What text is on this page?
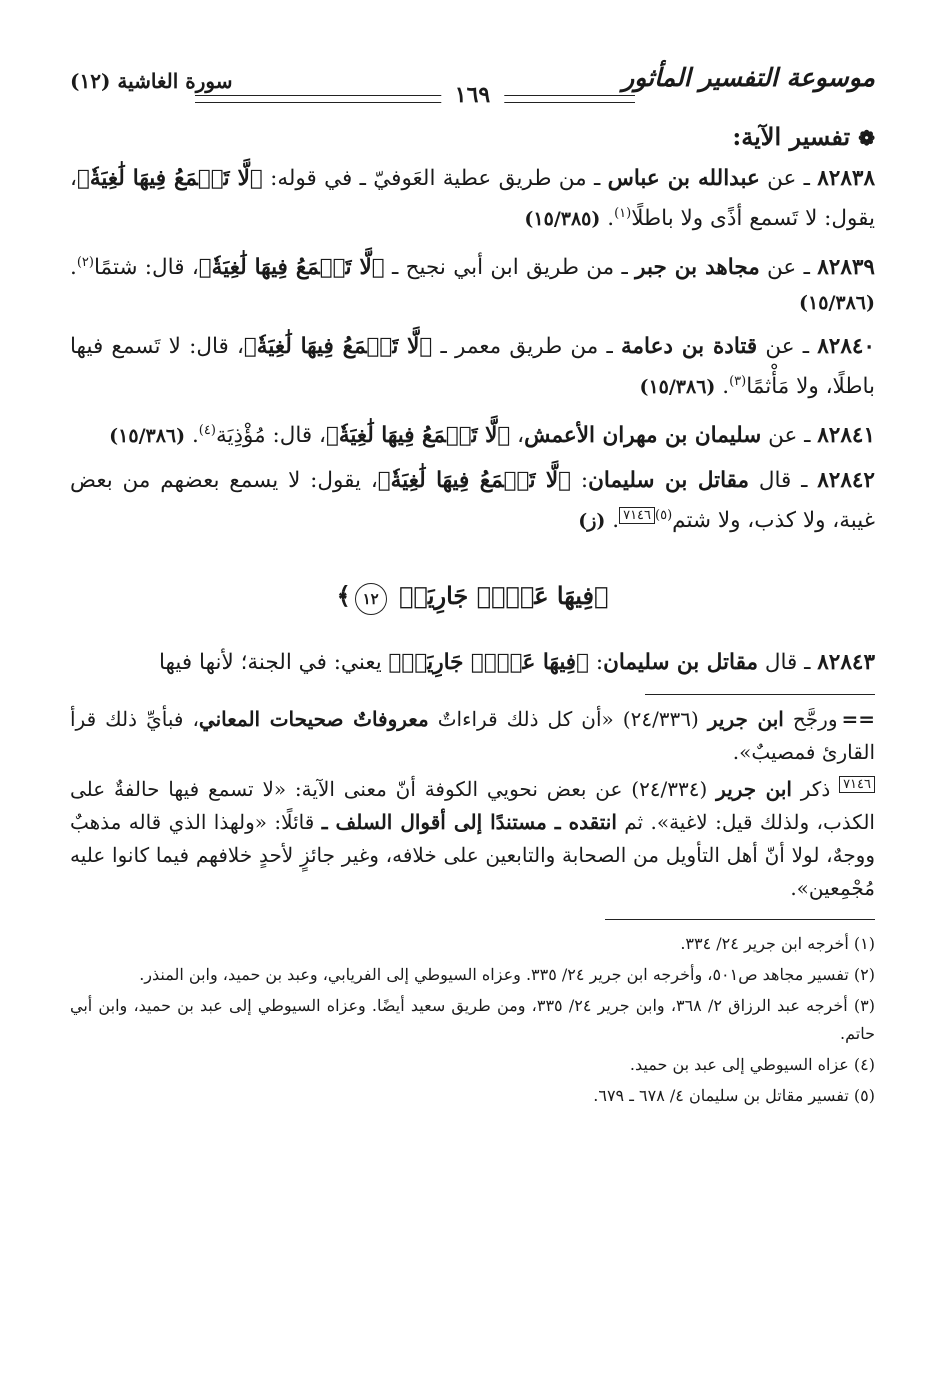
موسوعة التفسير المأثور
١٦٩
سورة الغاشية (١٢)
❁تفسير الآية:

٨٢٨٣٨ ـ عن عبدالله بن عباس ـ من طريق عطية العَوفيّ ـ في قوله: ﴿لَّا تَسۡمَعُ فِيهَا لَٰغِيَةٗ﴾، يقول: لا تَسمع أذًى ولا باطلًا$^{(١)}$. (١٥/٣٨٥)

٨٢٨٣٩ ـ عن مجاهد بن جبر ـ من طريق ابن أبي نجيح ـ ﴿لَّا تَسۡمَعُ فِيهَا لَٰغِيَةٗ﴾، قال: شتمًا$^{(٢)}$. (١٥/٣٨٦)

٨٢٨٤٠ ـ عن قتادة بن دعامة ـ من طريق معمر ـ ﴿لَّا تَسۡمَعُ فِيهَا لَٰغِيَةٗ﴾، قال: لا تَسمع فيها باطلًا، ولا مَأْثمًا$^{(٣)}$. (١٥/٣٨٦)

٨٢٨٤١ ـ عن سليمان بن مهران الأعمش، ﴿لَّا تَسۡمَعُ فِيهَا لَٰغِيَةٗ﴾، قال: مُؤْذِيَة$^{(٤)}$. (١٥/٣٨٦)

٨٢٨٤٢ ـ قال مقاتل بن سليمان: ﴿لَّا تَسۡمَعُ فِيهَا لَٰغِيَةٗ﴾، يقول: لا يسمع بعضهم من بعض غيبة، ولا كذب، ولا شتم$^{(٥)}$٧١٤٦. (ز)

﴿فِيهَا عَيۡنٞ جَارِيَةٞ ١٢﴾

٨٢٨٤٣ ـ قال مقاتل بن سليمان: ﴿فِيهَا عَيۡنٞ جَارِيَةٞ﴾ يعني: في الجنة؛ لأنها فيها

==ورجَّح ابن جرير (٢٤/٣٣٦) «أن كل ذلك قراءاتٌ معروفاتٌ صحيحات المعاني، فبأيِّ ذلك قرأ القارئ فمصيبٌ».

٧١٤٦ ذكر ابن جرير (٢٤/٣٣٤) عن بعض نحويي الكوفة أنّ معنى الآية: «لا تسمع فيها حالفةٌ على الكذب، ولذلك قيل: لاغية». ثم انتقده ـ مستندًا إلى أقوال السلف ـ قائلًا: «ولهذا الذي قاله مذهبٌ ووجهٌ، لولا أنّ أهل التأويل من الصحابة والتابعين على خلافه، وغير جائزٍ لأحدٍ خلافهم فيما كانوا عليه مُجْمِعين».

(١) أخرجه ابن جرير ٢٤/ ٣٣٤.

(٢) تفسير مجاهد ص٥٠١، وأخرجه ابن جرير ٢٤/ ٣٣٥. وعزاه السيوطي إلى الفريابي، وعبد بن حميد، وابن المنذر.

(٣) أخرجه عبد الرزاق ٢/ ٣٦٨، وابن جرير ٢٤/ ٣٣٥، ومن طريق سعيد أيضًا. وعزاه السيوطي إلى عبد بن حميد، وابن أبي حاتم.

(٤) عزاه السيوطي إلى عبد بن حميد.

(٥) تفسير مقاتل بن سليمان ٤/ ٦٧٨ ـ ٦٧٩.
